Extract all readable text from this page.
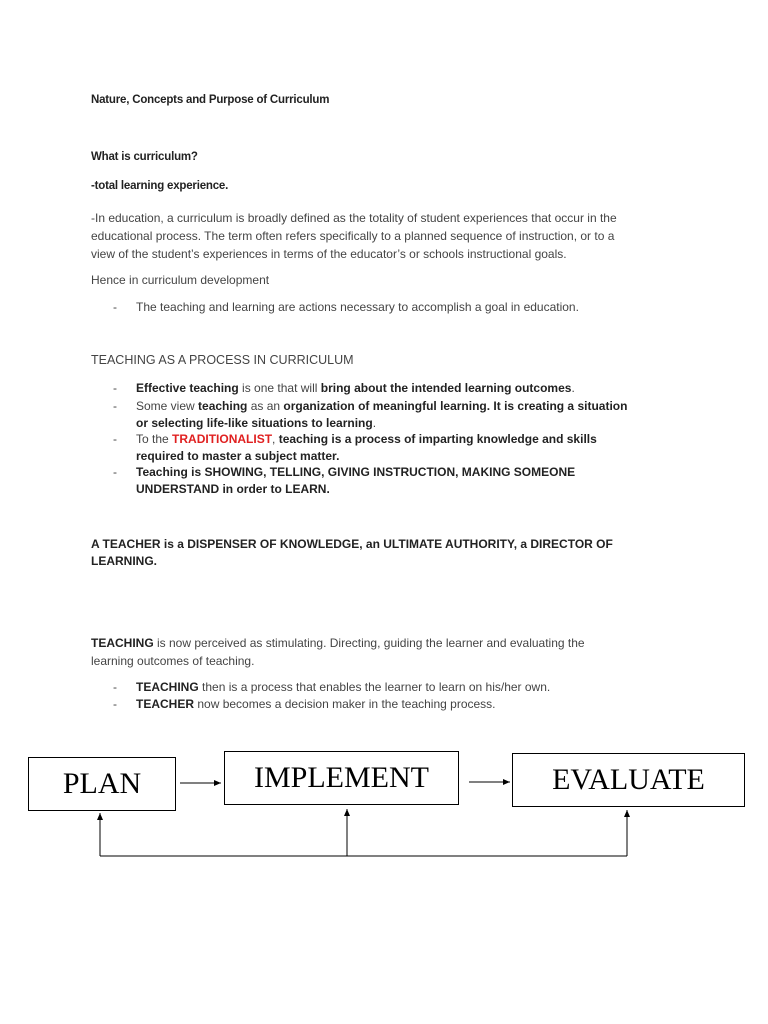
Nature, Concepts and Purpose of Curriculum
What is curriculum?
-total learning experience.
-In education, a curriculum is broadly defined as the totality of student experiences that occur in the
educational process. The term often refers specifically to a planned sequence of instruction, or to a
view of the student’s experiences in terms of the educator’s or schools instructional goals.
Hence in curriculum development
- The teaching and learning are actions necessary to accomplish a goal in education.
TEACHING AS A PROCESS IN CURRICULUM
- Effective teaching is one that will bring about the intended learning outcomes.
- Some view teaching as an organization of meaningful learning. It is creating a situation
or selecting life-like situations to learning.
- To the TRADITIONALIST, teaching is a process of imparting knowledge and skills
required to master a subject matter.
- Teaching is SHOWING, TELLING, GIVING INSTRUCTION, MAKING SOMEONE
UNDERSTAND in order to LEARN.
A TEACHER is a DISPENSER OF KNOWLEDGE, an ULTIMATE AUTHORITY, a DIRECTOR OF
LEARNING.
TEACHING is now perceived as stimulating. Directing, guiding the learner and evaluating the
learning outcomes of teaching.
- TEACHING then is a process that enables the learner to learn on his/her own.
- TEACHER now becomes a decision maker in the teaching process.
PLAN	IMPLEMENT	EVALUATE
